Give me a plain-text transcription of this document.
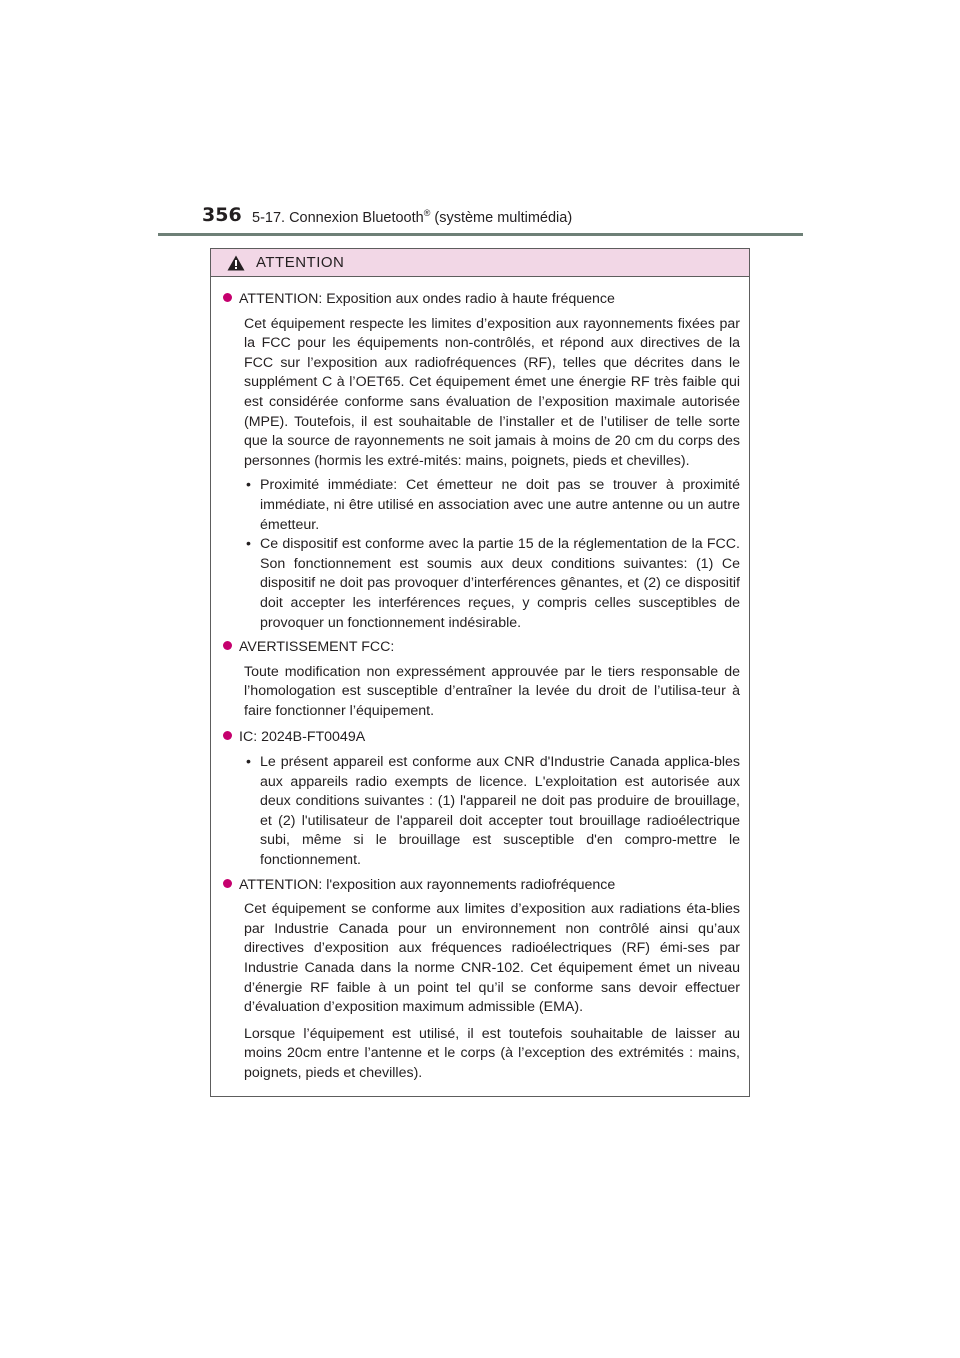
356 5-17. Connexion Bluetooth® (système multimédia)
ATTENTION

ATTENTION: Exposition aux ondes radio à haute fréquence

Cet équipement respecte les limites d’exposition aux rayonnements fixées par la FCC pour les équipements non-contrôlés, et répond aux directives de la FCC sur l’exposition aux radiofréquences (RF), telles que décrites dans le supplément C à l’OET65. Cet équipement émet une énergie RF très faible qui est considérée conforme sans évaluation de l’exposition maximale autorisée (MPE). Toutefois, il est souhaitable de l’installer et de l’utiliser de telle sorte que la source de rayonnements ne soit jamais à moins de 20 cm du corps des personnes (hormis les extré-mités: mains, poignets, pieds et chevilles).

• Proximité immédiate: Cet émetteur ne doit pas se trouver à proximité immédiate, ni être utilisé en association avec une autre antenne ou un autre émetteur.
• Ce dispositif est conforme avec la partie 15 de la réglementation de la FCC. Son fonctionnement est soumis aux deux conditions suivantes: (1) Ce dispositif ne doit pas provoquer d’interférences gênantes, et (2) ce dispositif doit accepter les interférences reçues, y compris celles susceptibles de provoquer un fonctionnement indésirable.

AVERTISSEMENT FCC:

Toute modification non expressément approuvée par le tiers responsable de l’homologation est susceptible d’entraîner la levée du droit de l’utilisa-teur à faire fonctionner l’équipement.

IC: 2024B-FT0049A

• Le présent appareil est conforme aux CNR d'Industrie Canada applica-bles aux appareils radio exempts de licence. L'exploitation est autorisée aux deux conditions suivantes : (1) l'appareil ne doit pas produire de brouillage, et (2) l'utilisateur de l'appareil doit accepter tout brouillage radioélectrique subi, même si le brouillage est susceptible d'en compro-mettre le fonctionnement.

ATTENTION: l'exposition aux rayonnements radiofréquence

Cet équipement se conforme aux limites d’exposition aux radiations éta-blies par Industrie Canada pour un environnement non contrôlé ainsi qu’aux directives d’exposition aux fréquences radioélectriques (RF) émi-ses par Industrie Canada dans la norme CNR-102. Cet équipement émet un niveau d’énergie RF faible à un point tel qu’il se conforme sans devoir effectuer d’évaluation d’exposition maximum admissible (EMA).

Lorsque l’équipement est utilisé, il est toutefois souhaitable de laisser au moins 20cm entre l’antenne et le corps (à l’exception des extrémités : mains, poignets, pieds et chevilles).
